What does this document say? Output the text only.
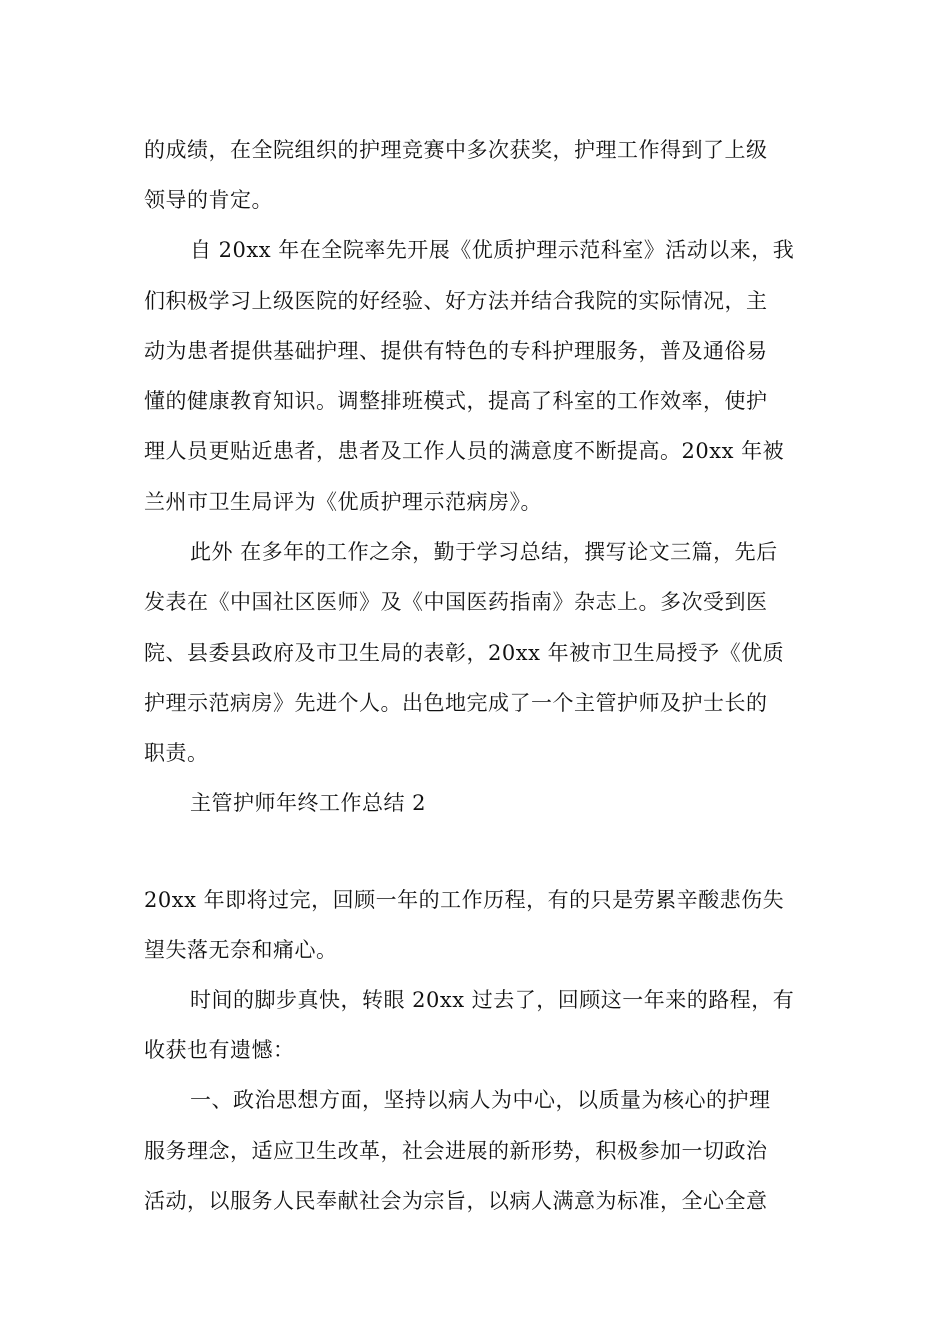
的成绩，在全院组织的护理竞赛中多次获奖，护理工作得到了上级
领导的肯定。
自 20xx 年在全院率先开展《优质护理示范科室》活动以来，我
们积极学习上级医院的好经验、好方法并结合我院的实际情况，主
动为患者提供基础护理、提供有特色的专科护理服务，普及通俗易
懂的健康教育知识。调整排班模式，提高了科室的工作效率，使护
理人员更贴近患者，患者及工作人员的满意度不断提高。20xx 年被
兰州市卫生局评为《优质护理示范病房》。
此外 在多年的工作之余，勤于学习总结，撰写论文三篇，先后
发表在《中国社区医师》及《中国医药指南》杂志上。多次受到医
院、县委县政府及市卫生局的表彰，20xx 年被市卫生局授予《优质
护理示范病房》先进个人。出色地完成了一个主管护师及护士长的
职责。
主管护师年终工作总结 2
20xx 年即将过完，回顾一年的工作历程，有的只是劳累辛酸悲伤失
望失落无奈和痛心。
时间的脚步真快，转眼 20xx 过去了，回顾这一年来的路程，有
收获也有遗憾：
一、政治思想方面，坚持以病人为中心，以质量为核心的护理
服务理念，适应卫生改革，社会进展的新形势，积极参加一切政治
活动，以服务人民奉献社会为宗旨，以病人满意为标准，全心全意
